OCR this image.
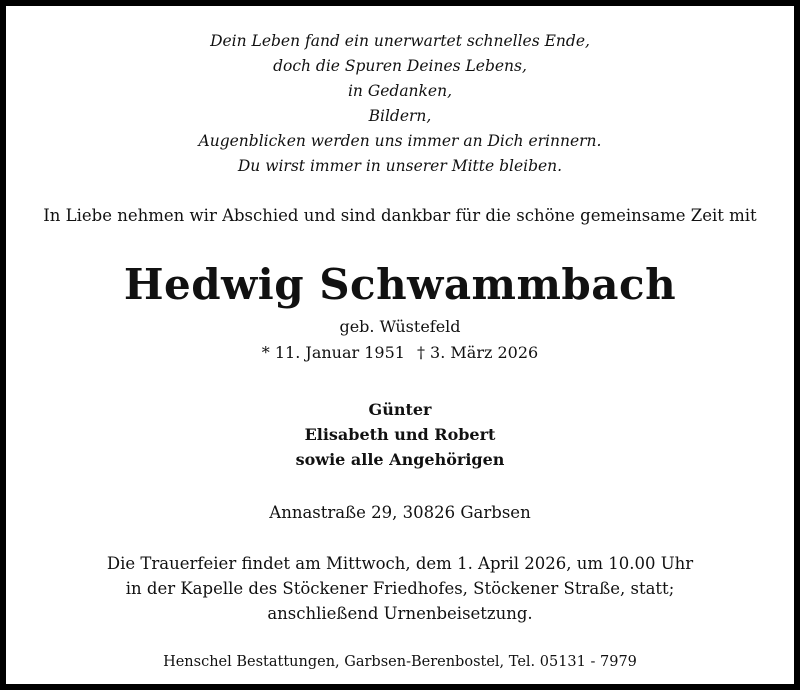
Dein Leben fand ein unerwartet schnelles Ende,
doch die Spuren Deines Lebens,
in Gedanken,
Bildern,
Augenblicken werden uns immer an Dich erinnern.
Du wirst immer in unserer Mitte bleiben.
In Liebe nehmen wir Abschied und sind dankbar für die schöne gemeinsame Zeit mit
Hedwig Schwammbach
geb. Wüstefeld
* 11. Januar 1951 † 3. März 2026
Günter
Elisabeth und Robert
sowie alle Angehörigen
Annastraße 29, 30826 Garbsen
Die Trauerfeier findet am Mittwoch, dem 1. April 2026, um 10.00 Uhr
in der Kapelle des Stöckener Friedhofes, Stöckener Straße, statt;
anschließend Urnenbeisetzung.
Henschel Bestattungen, Garbsen-Berenbostel, Tel. 05131 - 7979
